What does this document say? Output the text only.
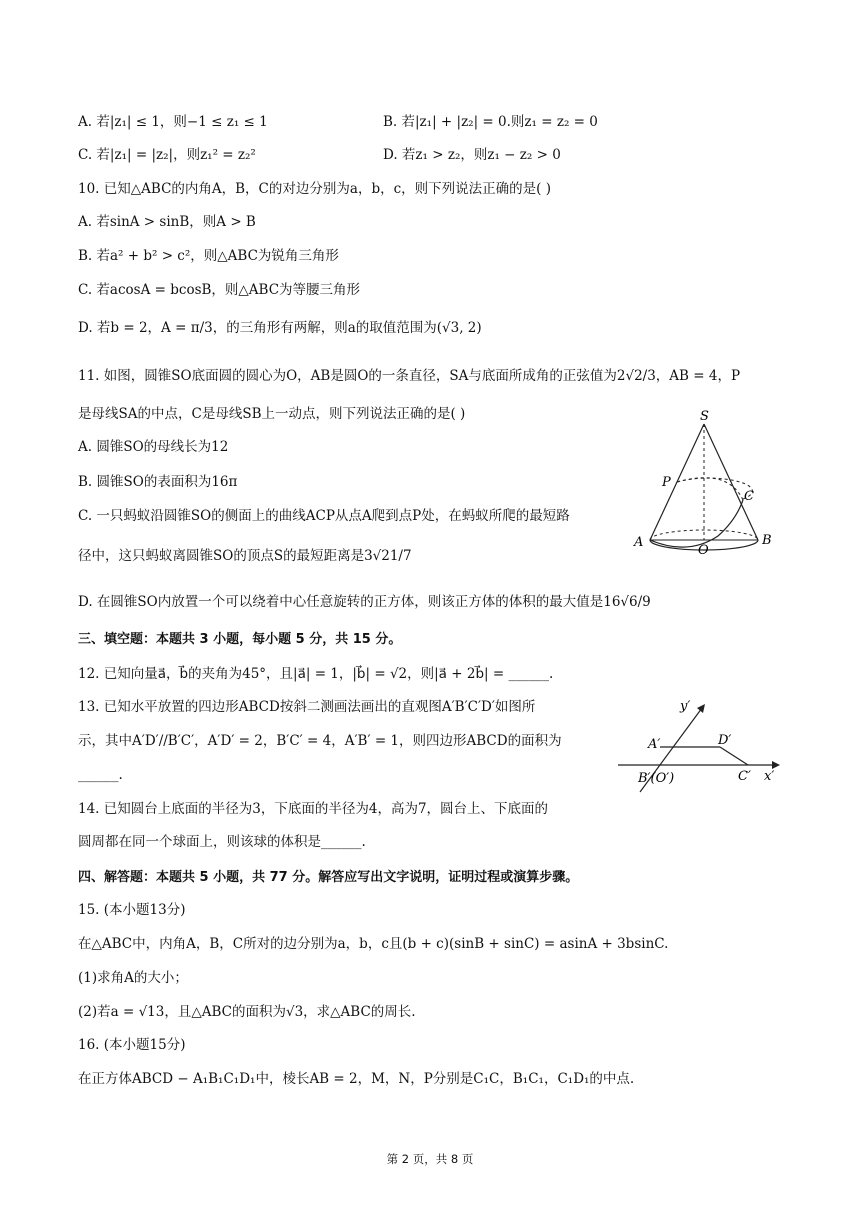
A. 若|z₁| ≤ 1，则−1 ≤ z₁ ≤ 1	B. 若|z₁| + |z₂| = 0.则z₁ = z₂ = 0
C. 若|z₁| = |z₂|，则z₁² = z₂²	D. 若z₁ > z₂，则z₁ − z₂ > 0
10. 已知△ABC的内角A，B，C的对边分别为a，b，c，则下列说法正确的是( )
A. 若sinA > sinB，则A > B
B. 若a² + b² > c²，则△ABC为锐角三角形
C. 若acosA = bcosB，则△ABC为等腰三角形
D. 若b = 2，A = π/3，的三角形有两解，则a的取值范围为(√3, 2)
11. 如图，圆锥SO底面圆的圆心为O，AB是圆O的一条直径，SA与底面所成角的正弦值为2√2/3，AB = 4，P
是母线SA的中点，C是母线SB上一动点，则下列说法正确的是( )
A. 圆锥SO的母线长为12
B. 圆锥SO的表面积为16π
C. 一只蚂蚁沿圆锥SO的侧面上的曲线ACP从点A爬到点P处，在蚂蚁所爬的最短路
径中，这只蚂蚁离圆锥SO的顶点S的最短距离是3√21/7
D. 在圆锥SO内放置一个可以绕着中心任意旋转的正方体，则该正方体的体积的最大值是16√6/9
三、填空题：本题共 3 小题，每小题 5 分，共 15 分。
12. 已知向量a⃗，b⃗的夹角为45°，且|a⃗| = 1，|b⃗| = √2，则|a⃗ + 2b⃗| = ______.
13. 已知水平放置的四边形ABCD按斜二测画法画出的直观图A′B′C′D′如图所
示，其中A′D′//B′C′，A′D′ = 2，B′C′ = 4，A′B′ = 1，则四边形ABCD的面积为
______.
14. 已知圆台上底面的半径为3，下底面的半径为4，高为7，圆台上、下底面的
圆周都在同一个球面上，则该球的体积是______.
四、解答题：本题共 5 小题，共 77 分。解答应写出文字说明，证明过程或演算步骤。
15. (本小题13分)
在△ABC中，内角A，B，C所对的边分别为a，b，c且(b + c)(sinB + sinC) = asinA + 3bsinC.
(1)求角A的大小；
(2)若a = √13，且△ABC的面积为√3，求△ABC的周长.
16. (本小题15分)
在正方体ABCD − A₁B₁C₁D₁中，棱长AB = 2，M，N，P分别是C₁C，B₁C₁，C₁D₁的中点.
S
P
C
A
O
B
y′
A′	D′
B′(O′)	C′ x′
第 2 页，共 8 页
